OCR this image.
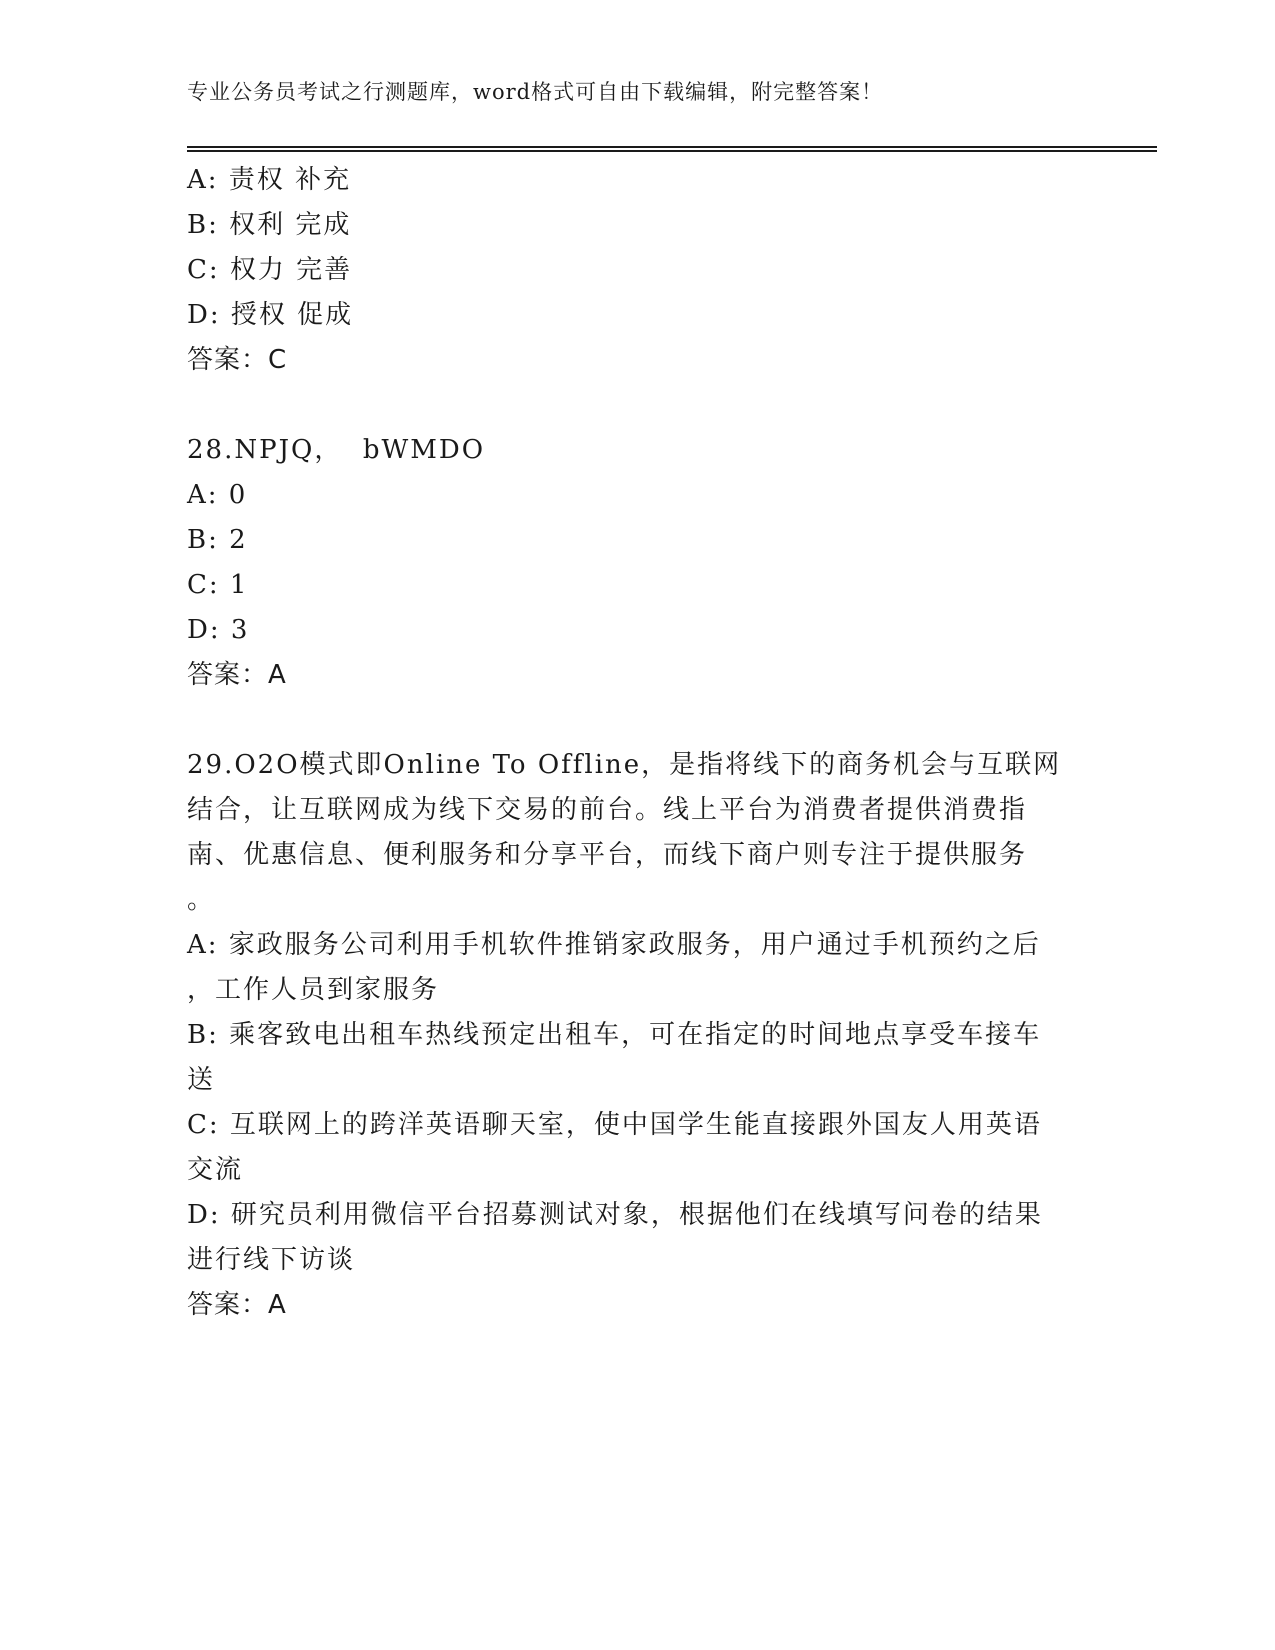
专业公务员考试之行测题库，word格式可自由下载编辑，附完整答案！
A: 责权 补充
B: 权利 完成
C: 权力 完善
D: 授权 促成
答案：C
28.NPJQ，  bWMDO
A: 0
B: 2
C: 1
D: 3
答案：A
29.O2O模式即Online To Offline，是指将线下的商务机会与互联网
结合，让互联网成为线下交易的前台。线上平台为消费者提供消费指
南、优惠信息、便利服务和分享平台，而线下商户则专注于提供服务
。
A: 家政服务公司利用手机软件推销家政服务，用户通过手机预约之后
，工作人员到家服务
B: 乘客致电出租车热线预定出租车，可在指定的时间地点享受车接车
送
C: 互联网上的跨洋英语聊天室，使中国学生能直接跟外国友人用英语
交流
D: 研究员利用微信平台招募测试对象，根据他们在线填写问卷的结果
进行线下访谈
答案：A
